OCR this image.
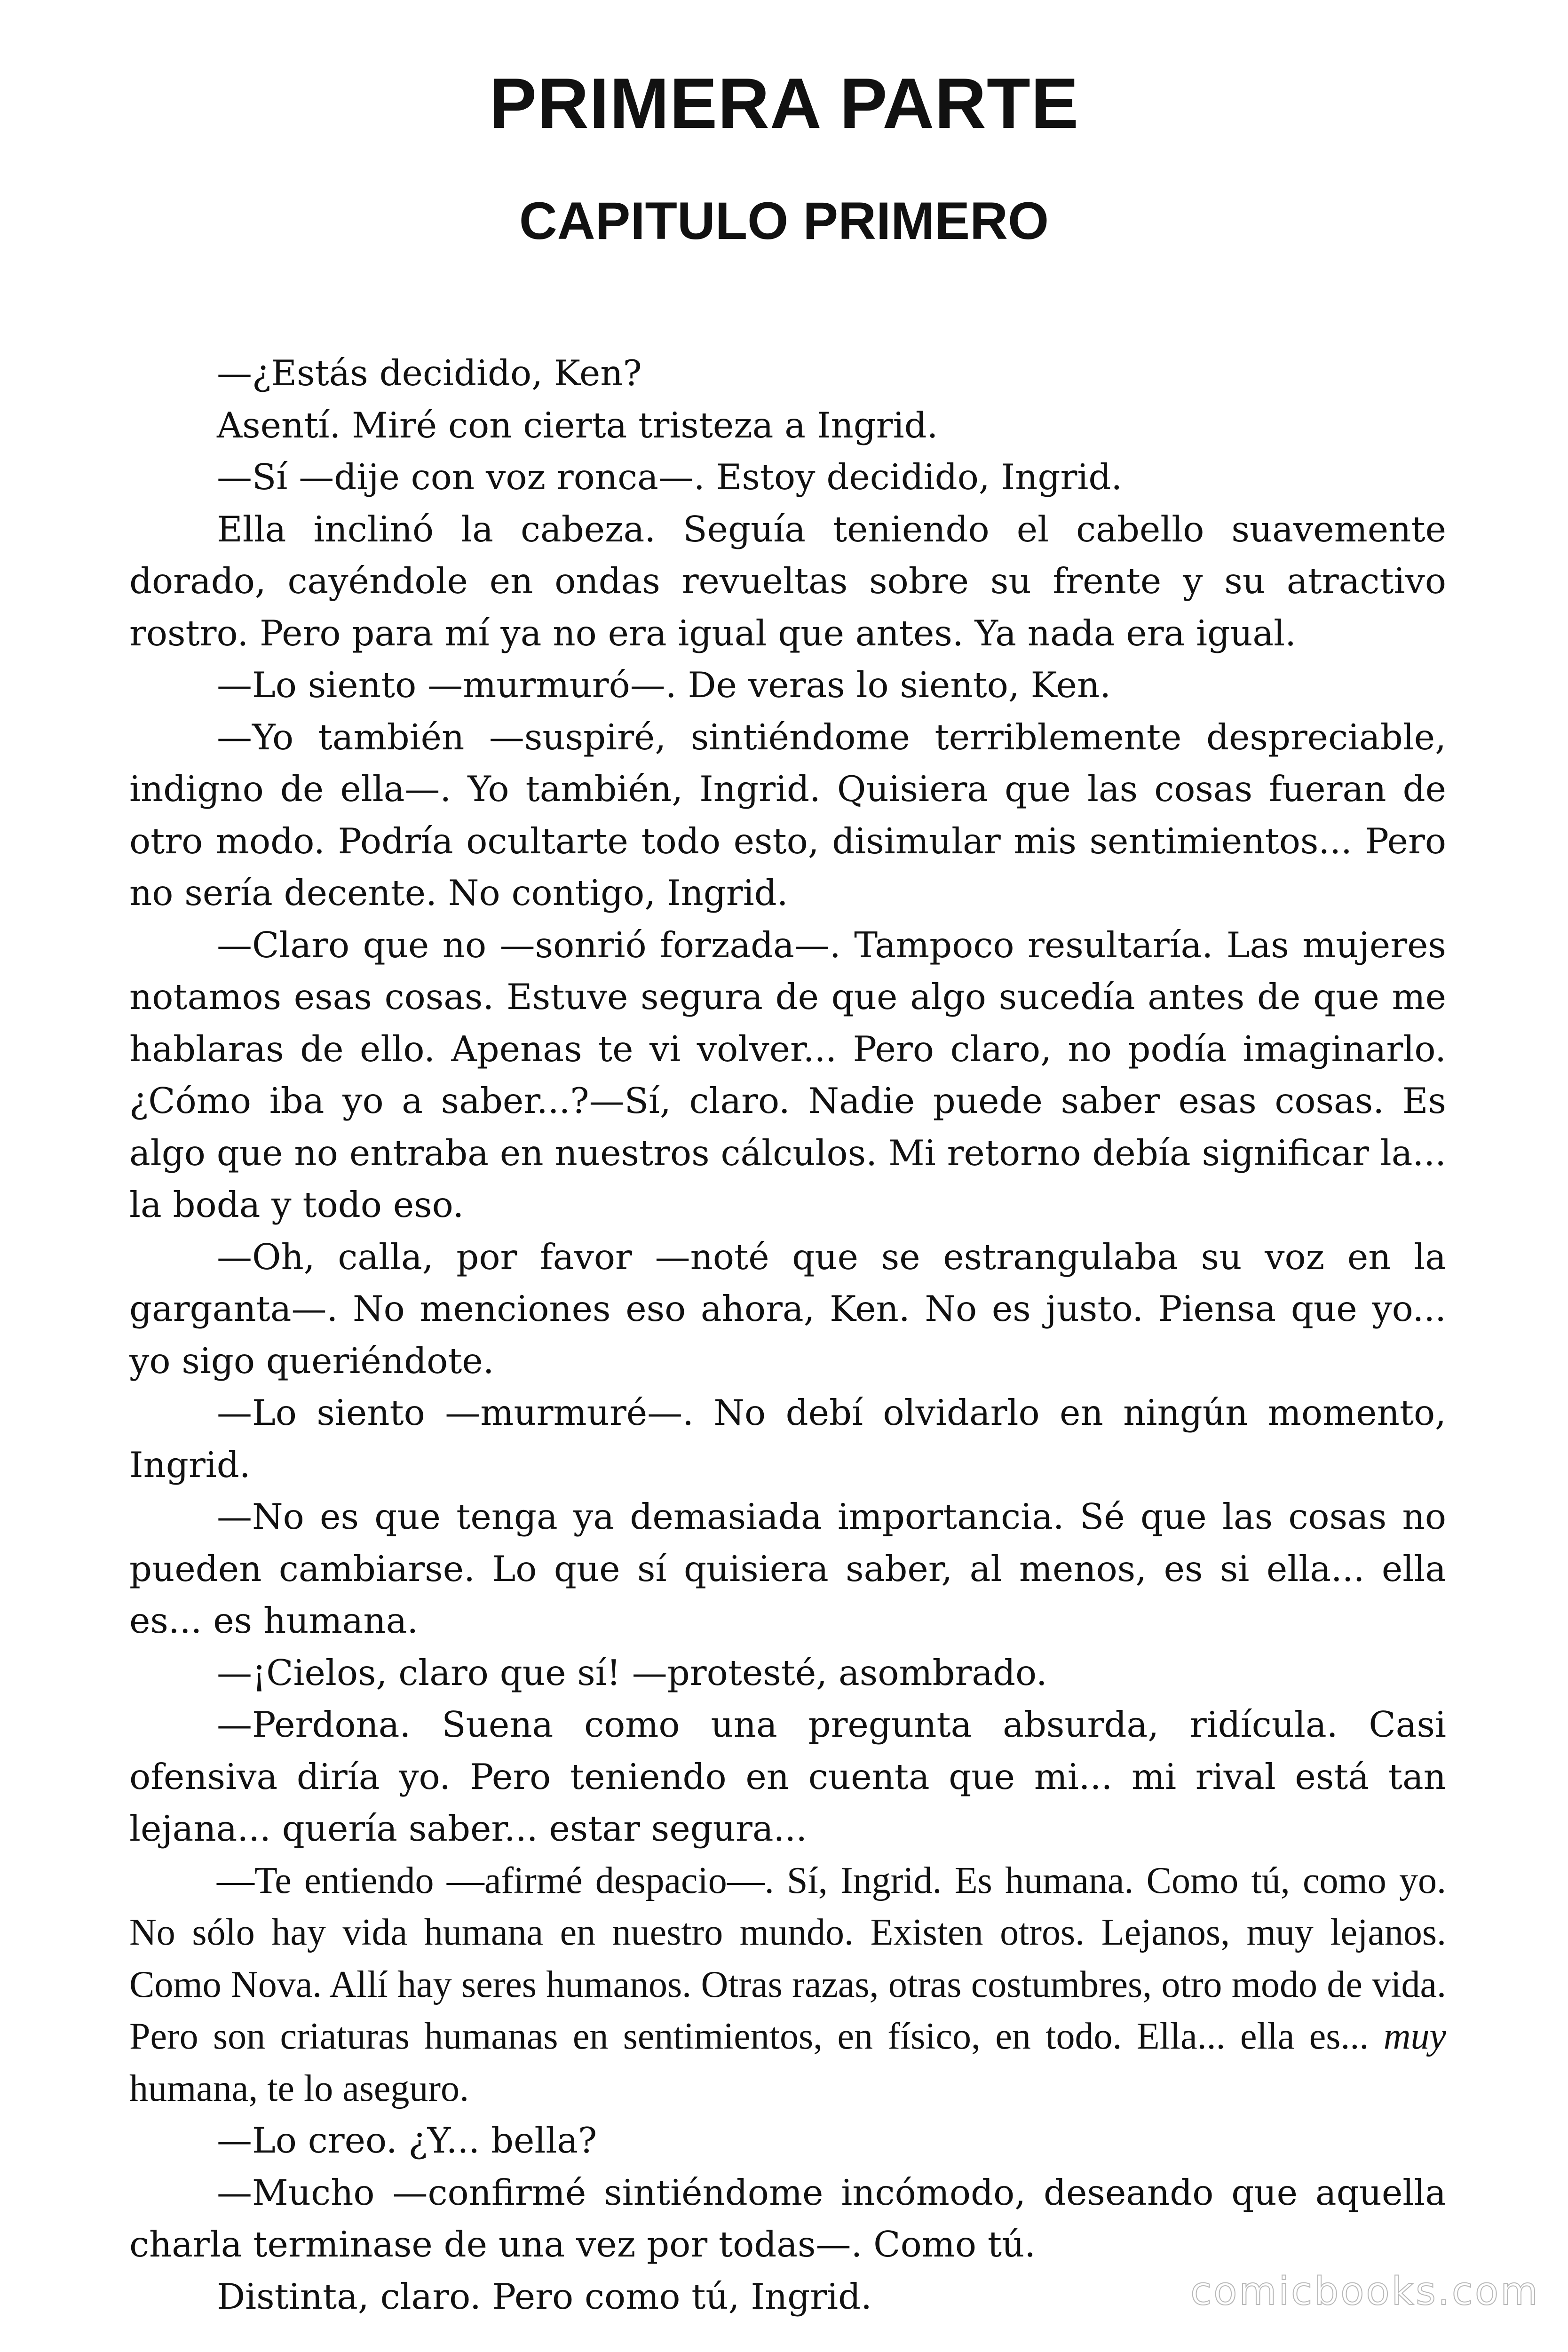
PRIMERA PARTE
CAPITULO PRIMERO

—¿Estás decidido, Ken?

Asentí. Miré con cierta tristeza a Ingrid.

—Sí —dije con voz ronca—. Estoy decidido, Ingrid.

Ella inclinó la cabeza. Seguía teniendo el cabello suavemente dorado, cayéndole en ondas revueltas sobre su frente y su atractivo rostro. Pero para mí ya no era igual que antes. Ya nada era igual.

—Lo siento —murmuró—. De veras lo siento, Ken.

—Yo también —suspiré, sintiéndome terriblemente despreciable, indigno de ella—. Yo también, Ingrid. Quisiera que las cosas fueran de otro modo. Podría ocultarte todo esto, disimular mis sentimientos... Pero no sería decente. No contigo, Ingrid.

—Claro que no —sonrió forzada—. Tampoco resultaría. Las mujeres notamos esas cosas. Estuve segura de que algo sucedía antes de que me hablaras de ello. Apenas te vi volver... Pero claro, no podía imaginarlo. ¿Cómo iba yo a saber...?—Sí, claro. Nadie puede saber esas cosas. Es algo que no entraba en nuestros cálculos. Mi retorno debía significar la... la boda y todo eso.

—Oh, calla, por favor —noté que se estrangulaba su voz en la garganta—. No menciones eso ahora, Ken. No es justo. Piensa que yo... yo sigo queriéndote.

—Lo siento —murmuré—. No debí olvidarlo en ningún momento, Ingrid.

—No es que tenga ya demasiada importancia. Sé que las cosas no pueden cambiarse. Lo que sí quisiera saber, al menos, es si ella... ella es... es humana.

—¡Cielos, claro que sí! —protesté, asombrado.

—Perdona. Suena como una pregunta absurda, ridícula. Casi ofensiva diría yo. Pero teniendo en cuenta que mi... mi rival está tan lejana... quería saber... estar segura...

—Te entiendo —afirmé despacio—. Sí, Ingrid. Es humana. Como tú, como yo. No sólo hay vida humana en nuestro mundo. Existen otros. Lejanos, muy lejanos. Como Nova. Allí hay seres humanos. Otras razas, otras costumbres, otro modo de vida. Pero son criaturas humanas en sentimientos, en físico, en todo. Ella... ella es... muy humana, te lo aseguro.

—Lo creo. ¿Y... bella?

—Mucho —confirmé sintiéndome incómodo, deseando que aquella charla terminase de una vez por todas—. Como tú.

Distinta, claro. Pero como tú, Ingrid.	comicbooks.com
